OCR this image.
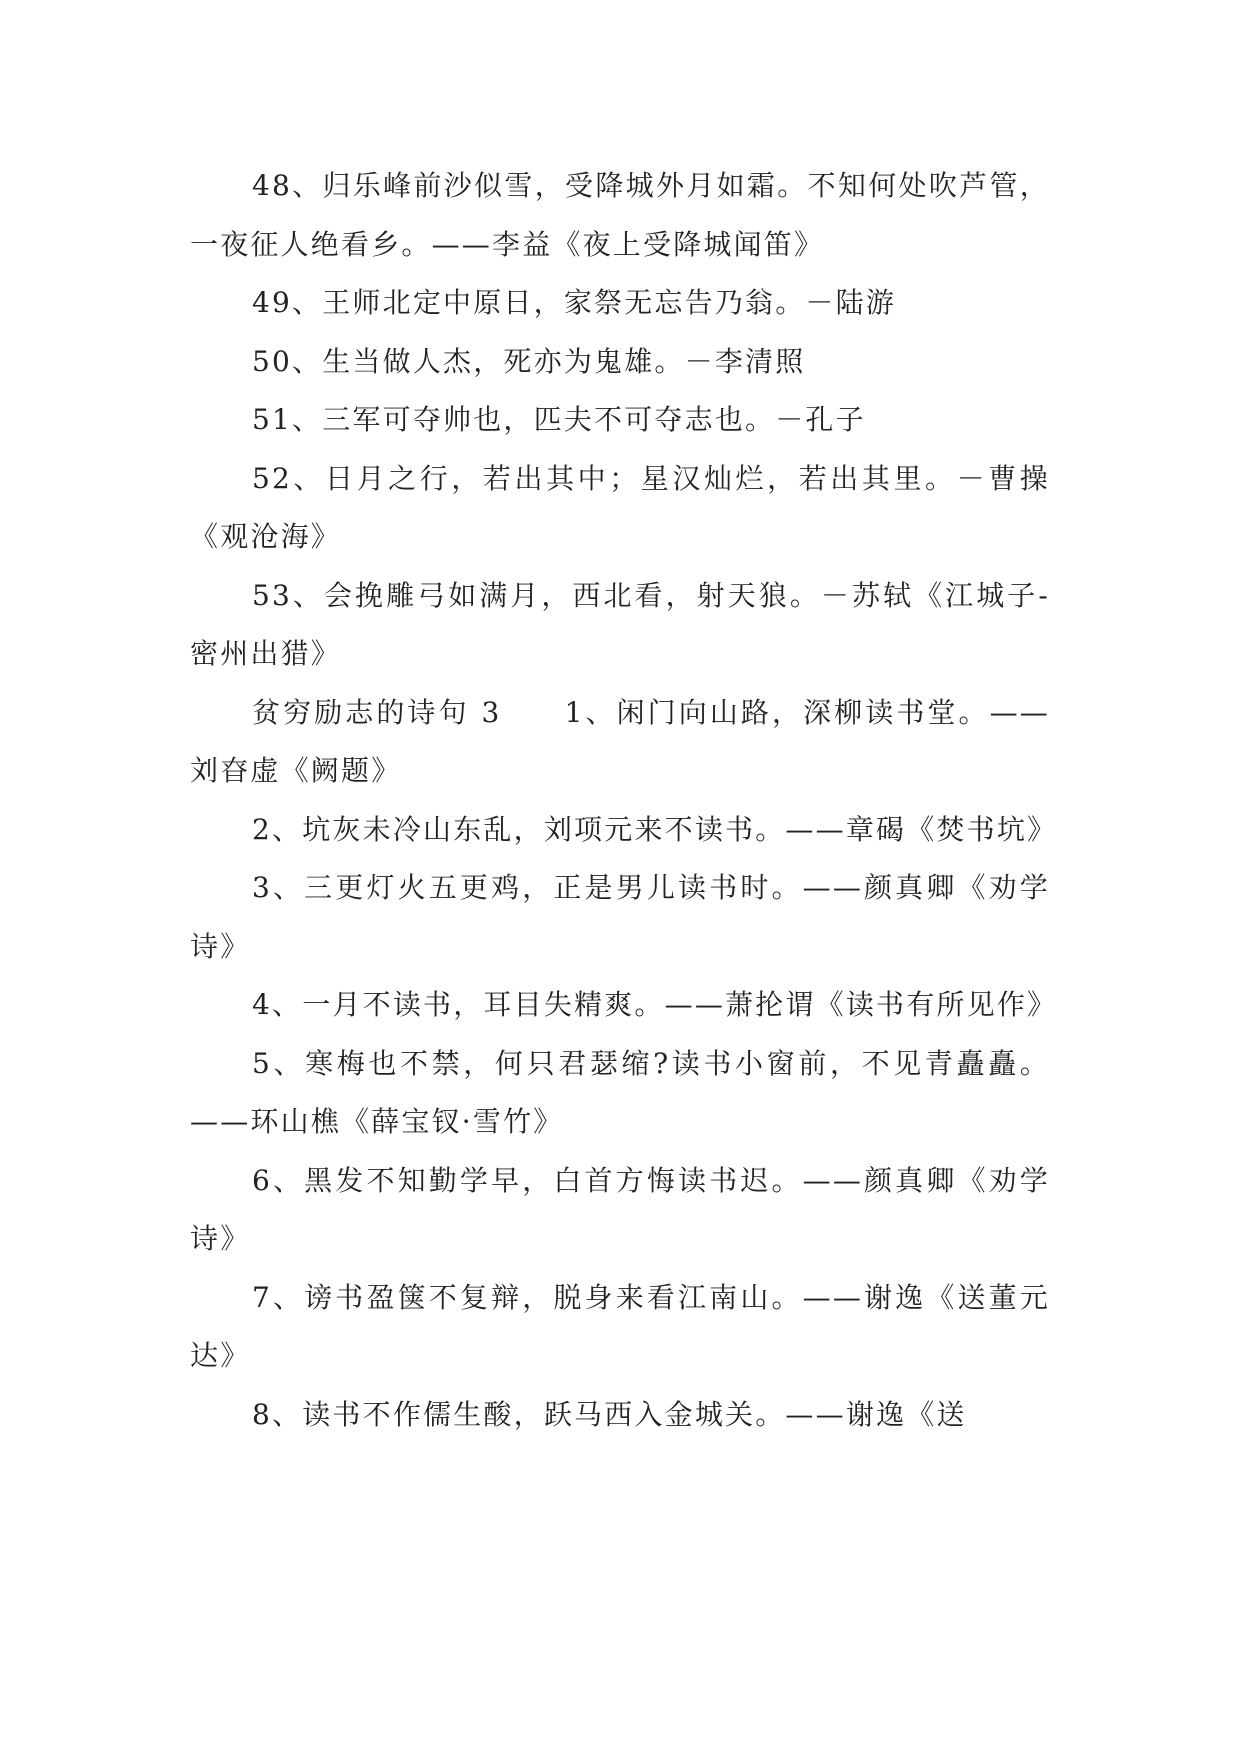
48、归乐峰前沙似雪，受降城外月如霜。不知何处吹芦管，一夜征人绝看乡。——李益《夜上受降城闻笛》

49、王师北定中原日，家祭无忘告乃翁。－陆游

50、生当做人杰，死亦为鬼雄。－李清照

51、三军可夺帅也，匹夫不可夺志也。－孔子

52、日月之行，若出其中；星汉灿烂，若出其里。－曹操《观沧海》

53、会挽雕弓如满月，西北看，射天狼。－苏轼《江城子-密州出猎》

贫穷励志的诗句 3　　1、闲门向山路，深柳读书堂。——刘昚虚《阙题》

2、坑灰未冷山东乱，刘项元来不读书。——章碣《焚书坑》

3、三更灯火五更鸡，正是男儿读书时。——颜真卿《劝学诗》

4、一月不读书，耳目失精爽。——萧抡谓《读书有所见作》

5、寒梅也不禁，何只君瑟缩?读书小窗前，不见青矗矗。——环山樵《薛宝钗·雪竹》

6、黑发不知勤学早，白首方悔读书迟。——颜真卿《劝学诗》

7、谤书盈箧不复辩，脱身来看江南山。——谢逸《送董元达》

8、读书不作儒生酸，跃马西入金城关。——谢逸《送
